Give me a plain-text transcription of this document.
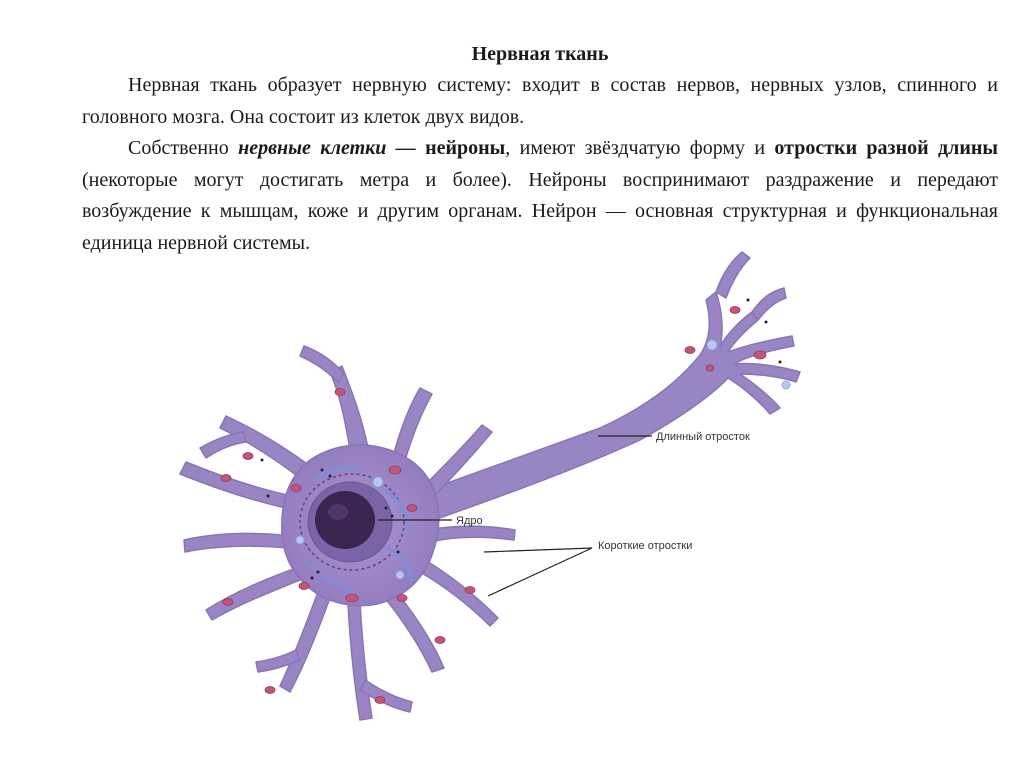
Нервная ткань

Нервная ткань образует нервную систему: входит в состав нервов, нервных узлов, спинного и головного мозга. Она состоит из клеток двух видов.

Собственно нервные клетки — нейроны, имеют звёздчатую форму и отростки разной длины (некоторые могут достигать метра и более). Нейроны воспринимают раздражение и передают возбуждение к мышцам, коже и другим органам. Нейрон — основная структурная и функциональная единица нервной системы.

Длинный отросток
Ядро
Короткие отростки
